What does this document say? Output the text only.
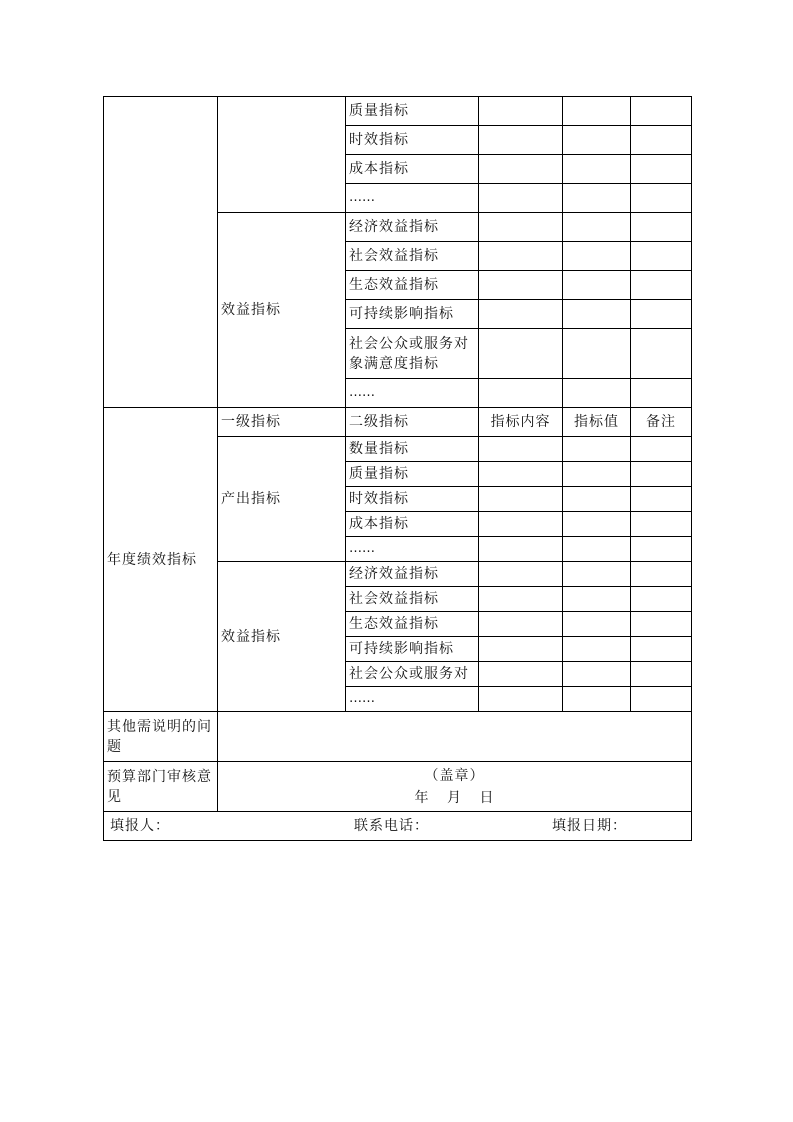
		质量指标			
		时效指标			
		成本指标			
		……			
	效益指标	经济效益指标			
		社会效益指标			
		生态效益指标			
		可持续影响指标			
		社会公众或服务对象满意度指标			
		……			
年度绩效指标	一级指标	二级指标	指标内容	指标值	备注
	产出指标	数量指标			
		质量指标			
		时效指标			
		成本指标			
		……			
	效益指标	经济效益指标			
		社会效益指标			
		生态效益指标			
		可持续影响指标			
		社会公众或服务对			
		……			
其他需说明的问题					
预算部门审核意见	（盖章）
年 月 日				

填报人： 联系电话： 填报日期：					
